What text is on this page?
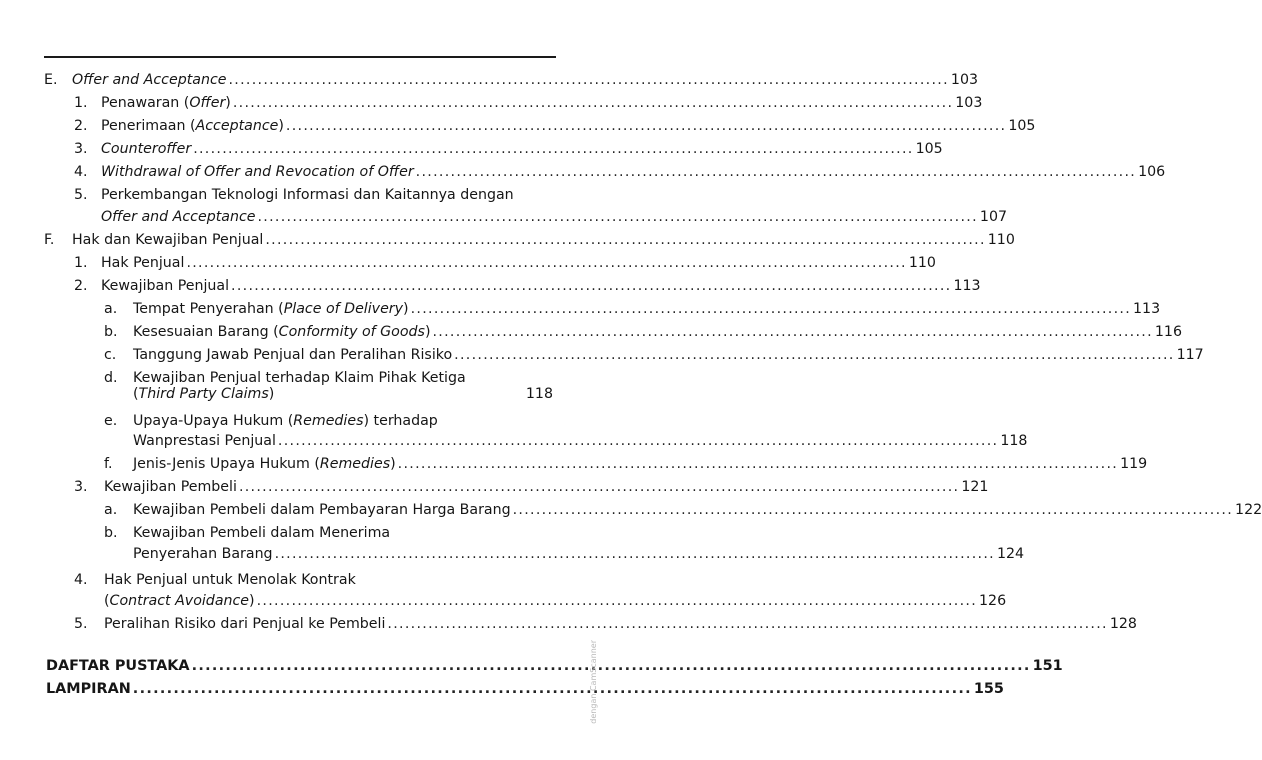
E.	Offer and Acceptance ............................................................................................................................ 103
1. Penawaran (Offer) ............................................................................................................................ 103
2. Penerimaan (Acceptance) ............................................................................................................................ 105
3. Counteroffer ............................................................................................................................ 105
4. Withdrawal of Offer and Revocation of Offer ............................................................................................................................ 106
5. Perkembangan Teknologi Informasi dan Kaitannya dengan
Offer and Acceptance ............................................................................................................................ 107
F.	Hak dan Kewajiban Penjual ............................................................................................................................ 110
1. Hak Penjual ............................................................................................................................ 110
2. Kewajiban Penjual ............................................................................................................................ 113
a.	Tempat Penyerahan (Place of Delivery) ............................................................................................................................ 113
b.	Kesesuaian Barang (Conformity of Goods) ............................................................................................................................ 116
c.	Tanggung Jawab Penjual dan Peralihan Risiko ............................................................................................................................ 117
d.	Kewajiban Penjual terhadap Klaim Pihak Ketiga
(Third Party Claims)	118
e.	Upaya-Upaya Hukum (Remedies) terhadap
Wanprestasi Penjual ............................................................................................................................ 118
f.	Jenis-Jenis Upaya Hukum (Remedies) ............................................................................................................................ 119
3.	Kewajiban Pembeli ............................................................................................................................ 121
a.	Kewajiban Pembeli dalam Pembayaran Harga Barang ............................................................................................................................ 122
b.	Kewajiban Pembeli dalam Menerima
Penyerahan Barang ............................................................................................................................ 124
4.	Hak Penjual untuk Menolak Kontrak
(Contract Avoidance) ............................................................................................................................ 126
5.	Peralihan Risiko dari Penjual ke Pembeli ............................................................................................................................ 128
DAFTAR PUSTAKA ............................................................................................................................ 151
LAMPIRAN ............................................................................................................................ 155
dengan CamScanner
